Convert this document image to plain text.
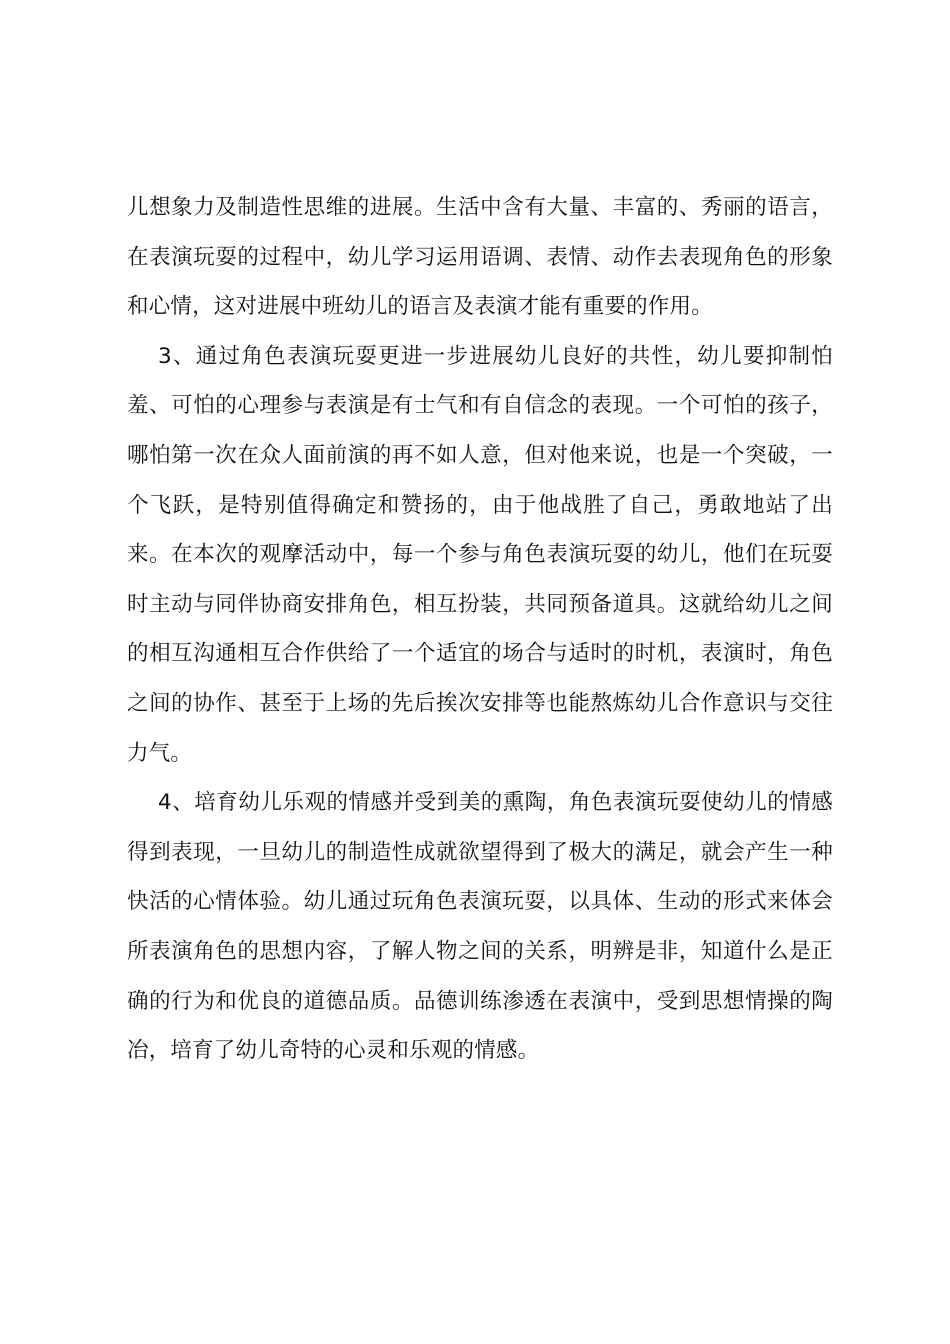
儿想象力及制造性思维的进展。生活中含有大量、丰富的、秀丽的语言，在表演玩耍的过程中，幼儿学习运用语调、表情、动作去表现角色的形象和心情，这对进展中班幼儿的语言及表演才能有重要的作用。

3、通过角色表演玩耍更进一步进展幼儿良好的共性，幼儿要抑制怕羞、可怕的心理参与表演是有士气和有自信念的表现。一个可怕的孩子，哪怕第一次在众人面前演的再不如人意，但对他来说，也是一个突破，一个飞跃，是特别值得确定和赞扬的，由于他战胜了自己，勇敢地站了出来。在本次的观摩活动中，每一个参与角色表演玩耍的幼儿，他们在玩耍时主动与同伴协商安排角色，相互扮装，共同预备道具。这就给幼儿之间的相互沟通相互合作供给了一个适宜的场合与适时的时机，表演时，角色之间的协作、甚至于上场的先后挨次安排等也能熬炼幼儿合作意识与交往力气。

4、培育幼儿乐观的情感并受到美的熏陶，角色表演玩耍使幼儿的情感得到表现，一旦幼儿的制造性成就欲望得到了极大的满足，就会产生一种快活的心情体验。幼儿通过玩角色表演玩耍，以具体、生动的形式来体会所表演角色的思想内容，了解人物之间的关系，明辨是非，知道什么是正确的行为和优良的道德品质。品德训练渗透在表演中，受到思想情操的陶冶，培育了幼儿奇特的心灵和乐观的情感。
